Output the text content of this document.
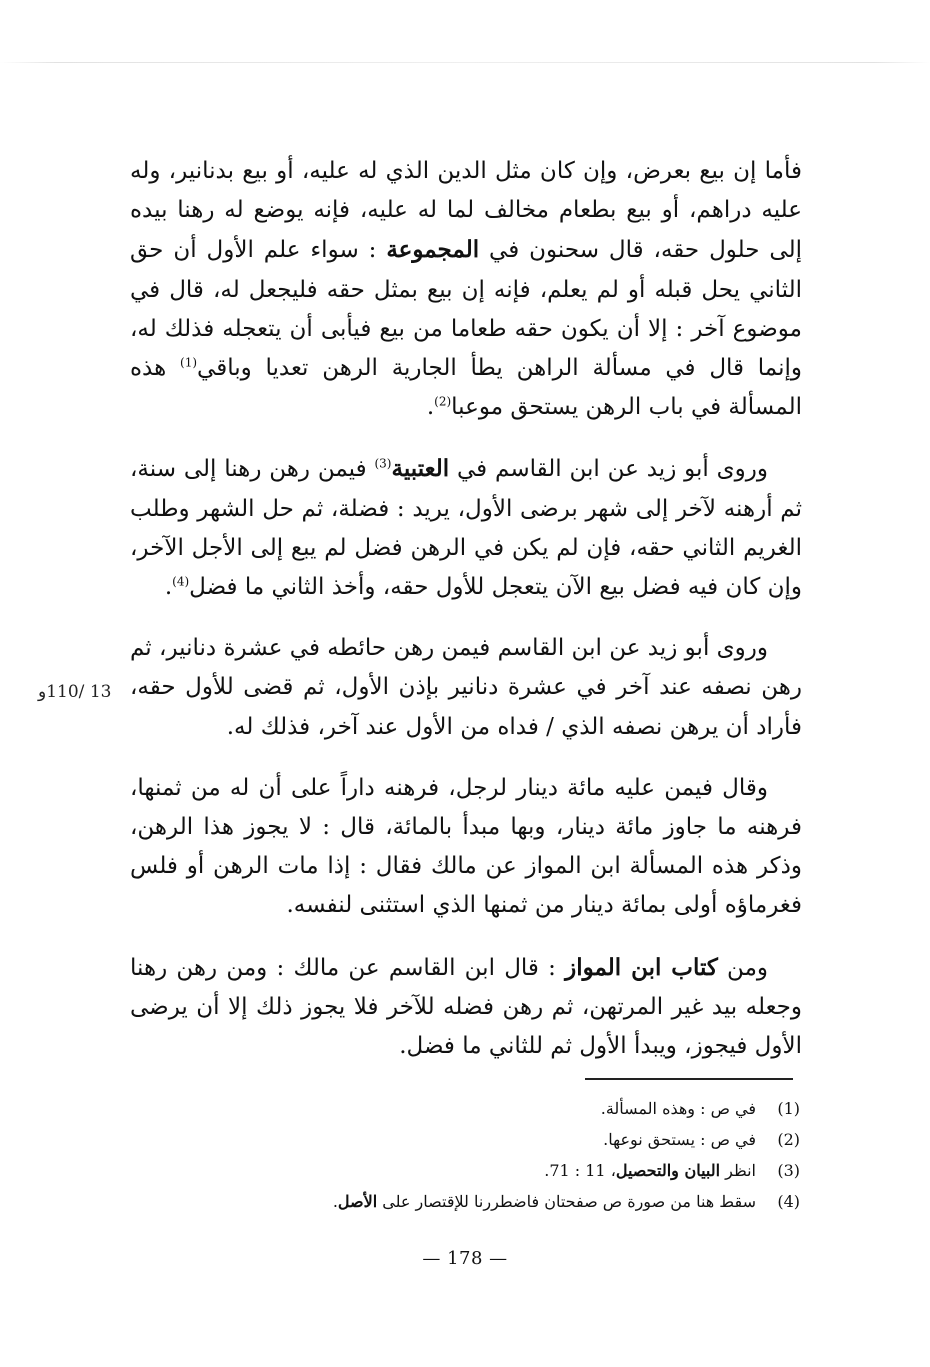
فأما إن بيع بعرض، وإن كان مثل الدين الذي له عليه، أو بيع بدنانير، وله عليه دراهم، أو بيع بطعام مخالف لما له عليه، فإنه يوضع له رهنا بيده إلى حلول حقه، قال سحنون في المجموعة : سواء علم الأول أن حق الثاني يحل قبله أو لم يعلم، فإنه إن بيع بمثل حقه فليجعل له، قال في موضوع آخر : إلا أن يكون حقه طعاما من بيع فيأبى أن يتعجله فذلك له، وإنما قال في مسألة الراهن يطأ الجارية الرهن تعديا وباقي$^{(1)}$ هذه المسألة في باب الرهن يستحق موعبا$^{(2)}$.

وروى أبو زيد عن ابن القاسم في العتبية$^{(3)}$ فيمن رهن رهنا إلى سنة، ثم أرهنه لآخر إلى شهر برضى الأول، يريد : فضلة، ثم حل الشهر وطلب الغريم الثاني حقه، فإن لم يكن في الرهن فضل لم يبع إلى الأجل الآخر، وإن كان فيه فضل بيع الآن يتعجل للأول حقه، وأخذ الثاني ما فضل$^{(4)}$.

وروى أبو زيد عن ابن القاسم فيمن رهن حائطه في عشرة دنانير، ثم رهن نصفه عند آخر في عشرة دنانير بإذن الأول، ثم قضى للأول حقه، فأراد أن يرهن نصفه الذي / فداه من الأول عند آخر، فذلك له.

وقال فيمن عليه مائة دينار لرجل، فرهنه داراً على أن له من ثمنها، فرهنه ما جاوز مائة دينار، وبها مبدأ بالمائة، قال : لا يجوز هذا الرهن، وذكر هذه المسألة ابن المواز عن مالك فقال : إذا مات الرهن أو فلس فغرماؤه أولى بمائة دينار من ثمنها الذي استثنى لنفسه.

ومن كتاب ابن المواز : قال ابن القاسم عن مالك : ومن رهن رهنا وجعله بيد غير المرتهن، ثم رهن فضله للآخر فلا يجوز ذلك إلا أن يرضى الأول فيجوز، ويبدأ الأول ثم للثاني ما فضل.

13 /110و
(1)في ص : وهذه المسألة.
(2)في ص : يستحق نوعها.
(3)انظر البيان والتحصيل، 11 : 71.
(4)سقط هنا من صورة ص صفحتان فاضطررنا للإقتصار على الأصل.
— 178 —
